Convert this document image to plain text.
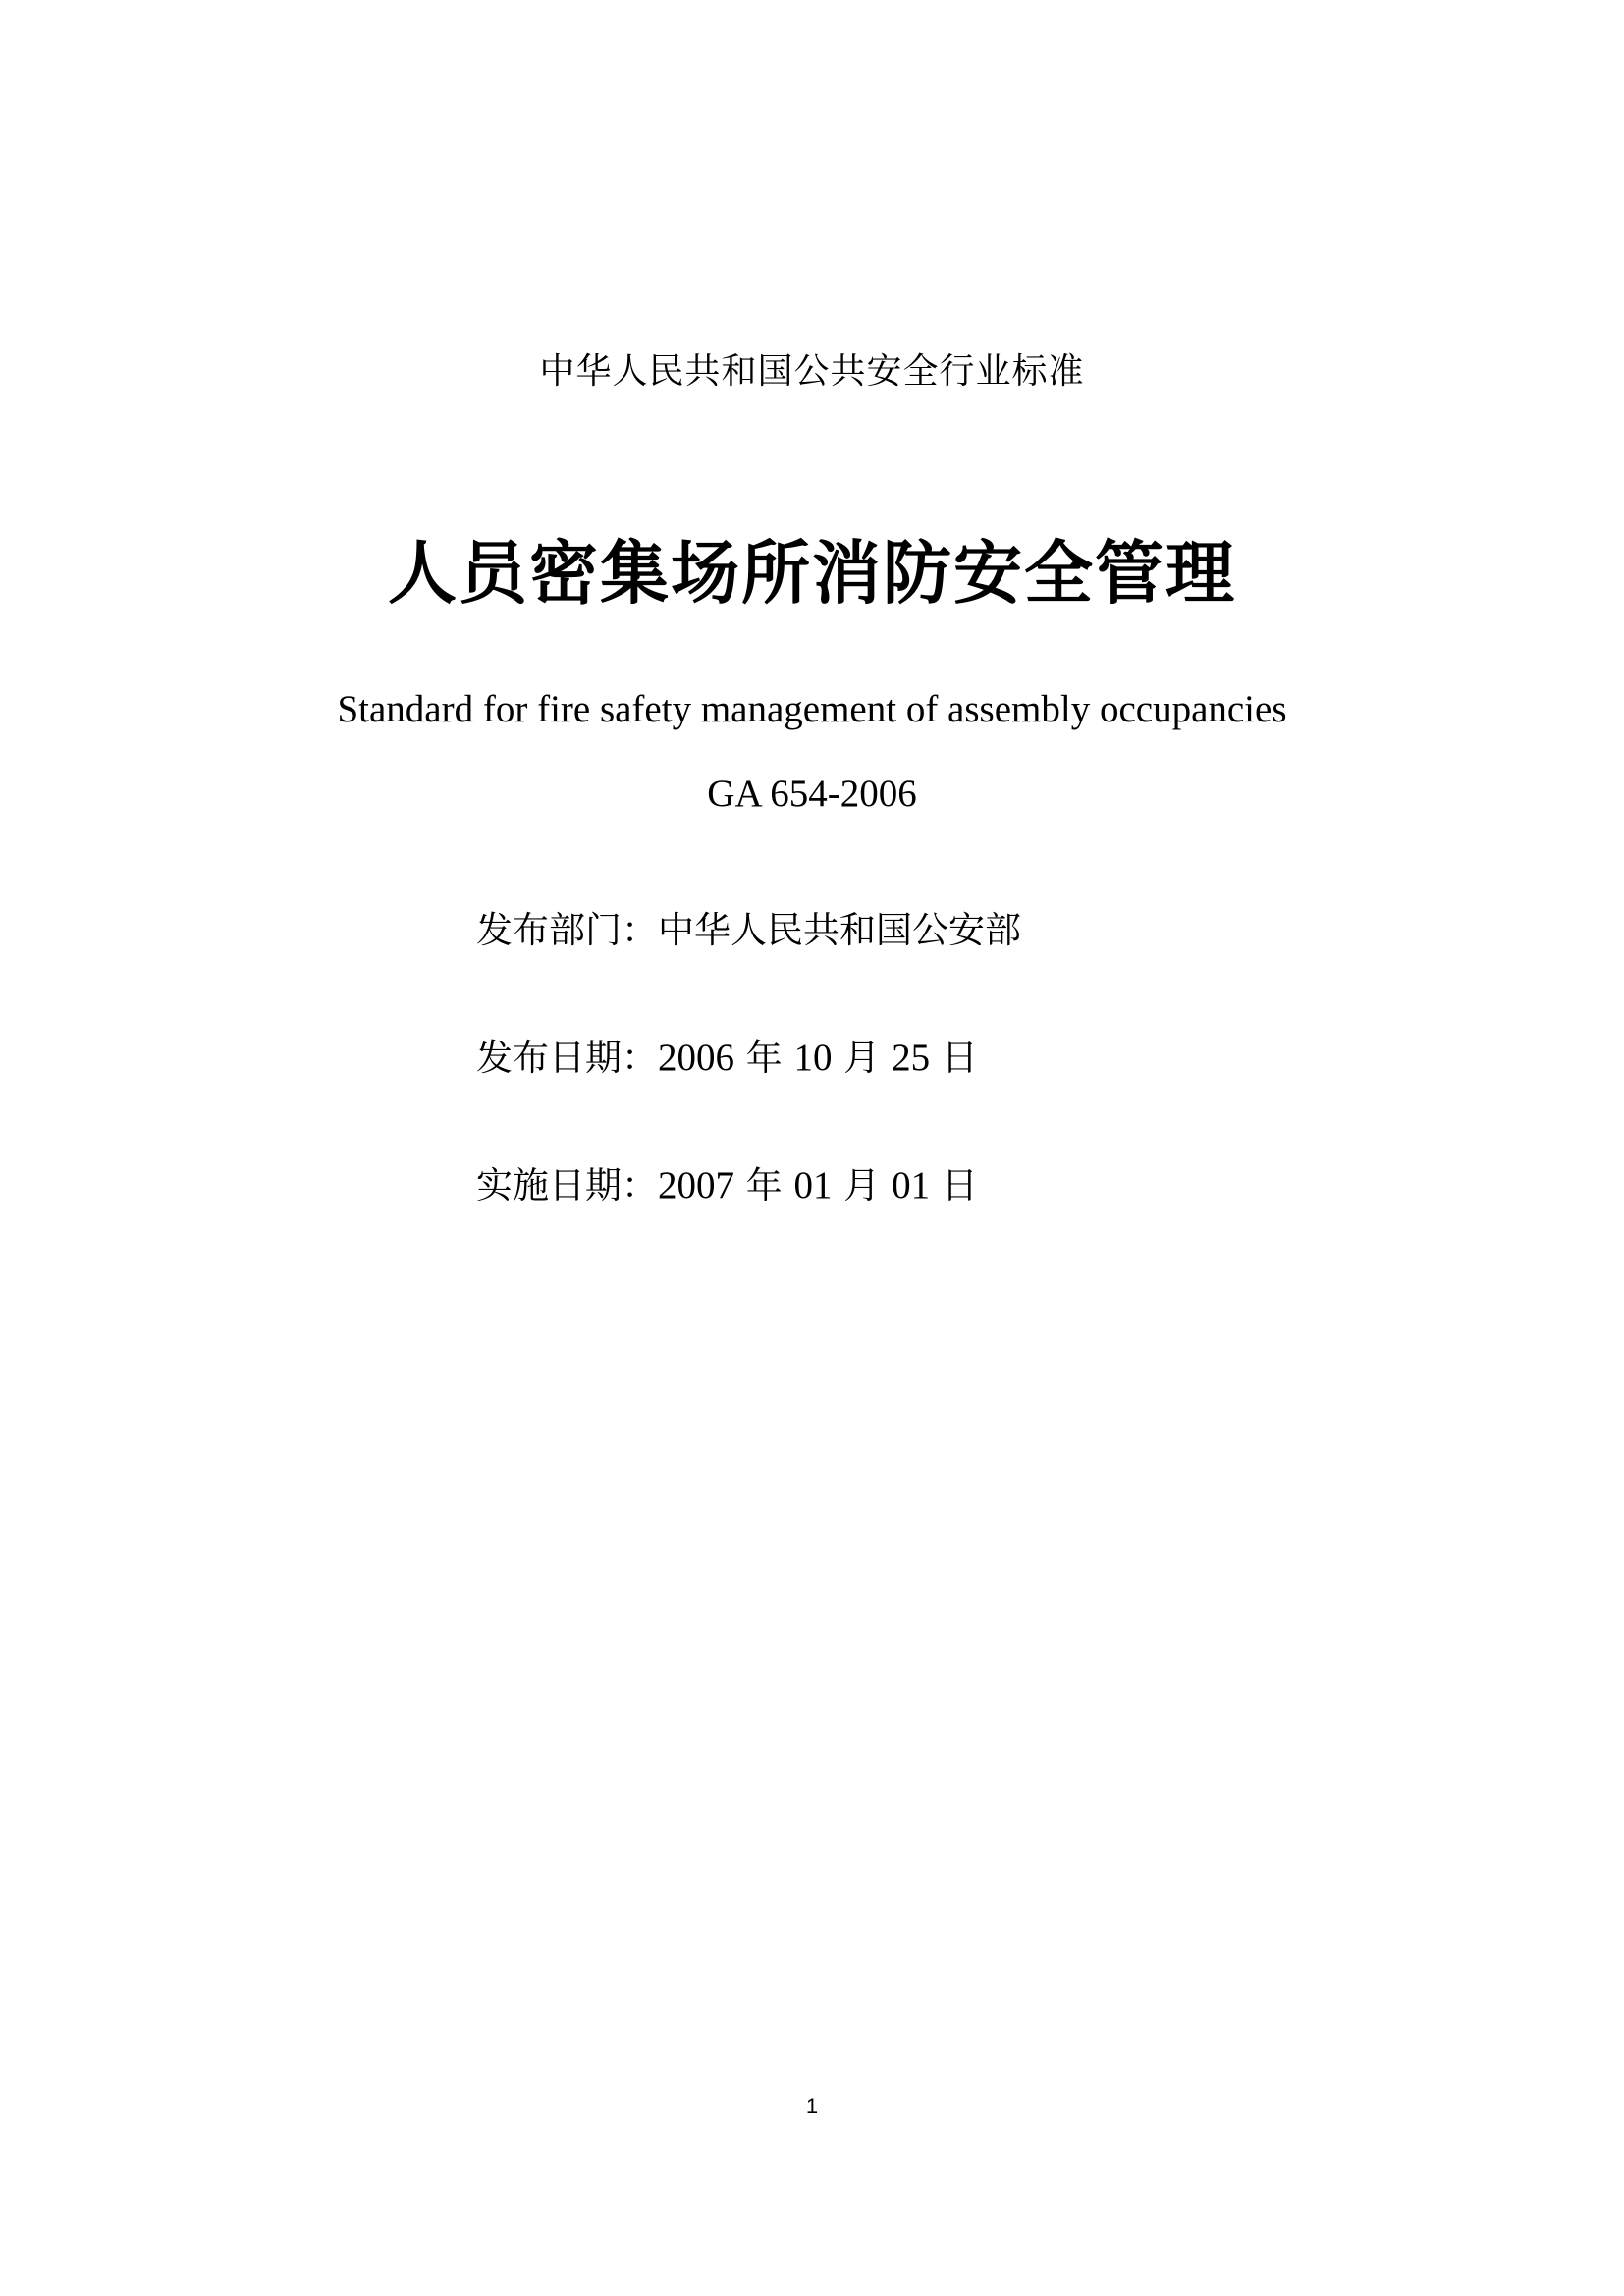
中华人民共和国公共安全行业标准
人员密集场所消防安全管理
Standard for fire safety management of assembly occupancies
GA 654-2006
发布部门：中华人民共和国公安部
发布日期：2006 年 10 月 25 日
实施日期：2007 年 01 月 01 日
1
